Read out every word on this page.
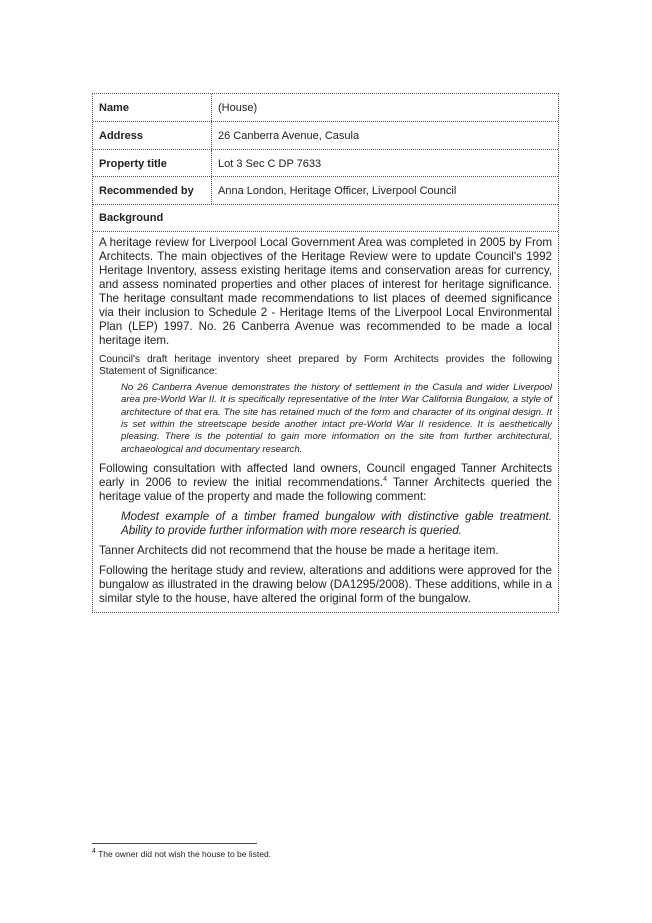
Name	(House)
Address	26 Canberra Avenue, Casula
Property title	Lot 3 Sec C DP 7633
Recommended by	Anna London, Heritage Officer, Liverpool Council
Background

A heritage review for Liverpool Local Government Area was completed in 2005 by From Architects. The main objectives of the Heritage Review were to update Council's 1992 Heritage Inventory, assess existing heritage items and conservation areas for currency, and assess nominated properties and other places of interest for heritage significance. The heritage consultant made recommendations to list places of deemed significance via their inclusion to Schedule 2 - Heritage Items of the Liverpool Local Environmental Plan (LEP) 1997. No. 26 Canberra Avenue was recommended to be made a local heritage item.

Council's draft heritage inventory sheet prepared by Form Architects provides the following Statement of Significance:

No 26 Canberra Avenue demonstrates the history of settlement in the Casula and wider Liverpool area pre-World War II. It is specifically representative of the Inter War California Bungalow, a style of architecture of that era. The site has retained much of the form and character of its original design. It is set within the streetscape beside another intact pre-World War II residence. It is aesthetically pleasing. There is the potential to gain more information on the site from further architectural, archaeological and documentary research.

Following consultation with affected land owners, Council engaged Tanner Architects early in 2006 to review the initial recommendations.$^4$ Tanner Architects queried the heritage value of the property and made the following comment:

Modest example of a timber framed bungalow with distinctive gable treatment. Ability to provide further information with more research is queried.

Tanner Architects did not recommend that the house be made a heritage item.

Following the heritage study and review, alterations and additions were approved for the bungalow as illustrated in the drawing below (DA1295/2008). These additions, while in a similar style to the house, have altered the original form of the bungalow.

$^4$ The owner did not wish the house to be listed.
